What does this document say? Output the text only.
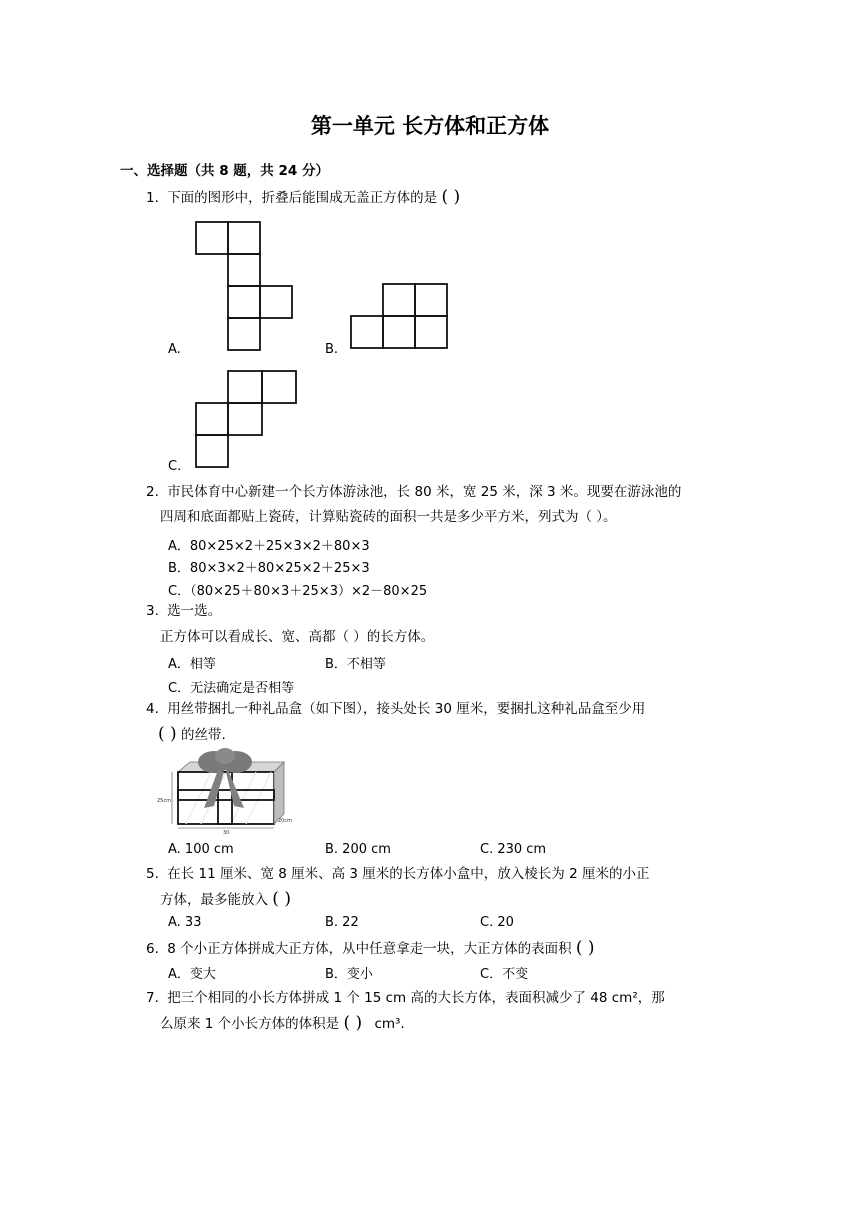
第一单元 长方体和正方体
一、选择题（共 8 题，共 24 分）
1. 下面的图形中，折叠后能围成无盖正方体的是 ( )
A.	B.
C.
2. 市民体育中心新建一个长方体游泳池，长 80 米，宽 25 米，深 3 米。现要在游泳池的
四周和底面都贴上瓷砖，计算贴瓷砖的面积一共是多少平方米，列式为（ ）。
A．80×25×2＋25×3×2＋80×3
B．80×3×2＋80×25×2＋25×3
C．（80×25＋80×3＋25×3）×2－80×25
3. 选一选。
正方体可以看成长、宽、高都（ ）的长方体。
A．相等	B．不相等
C．无法确定是否相等
4. 用丝带捆扎一种礼品盒（如下图），接头处长 30 厘米，要捆扎这种礼品盒至少用
( ) 的丝带.
25cm
30
20cm
A. 100 cm	B. 200 cm	C. 230 cm
5. 在长 11 厘米、宽 8 厘米、高 3 厘米的长方体小盒中，放入棱长为 2 厘米的小正
方体，最多能放入 ( )
A. 33	B. 22	C. 20
6. 8 个小正方体拼成大正方体，从中任意拿走一块，大正方体的表面积 ( )
A．变大	B．变小	C．不变
7. 把三个相同的小长方体拼成 1 个 15 cm 高的大长方体，表面积减少了 48 cm²，那
么原来 1 个小长方体的体积是 ( ) cm³.
